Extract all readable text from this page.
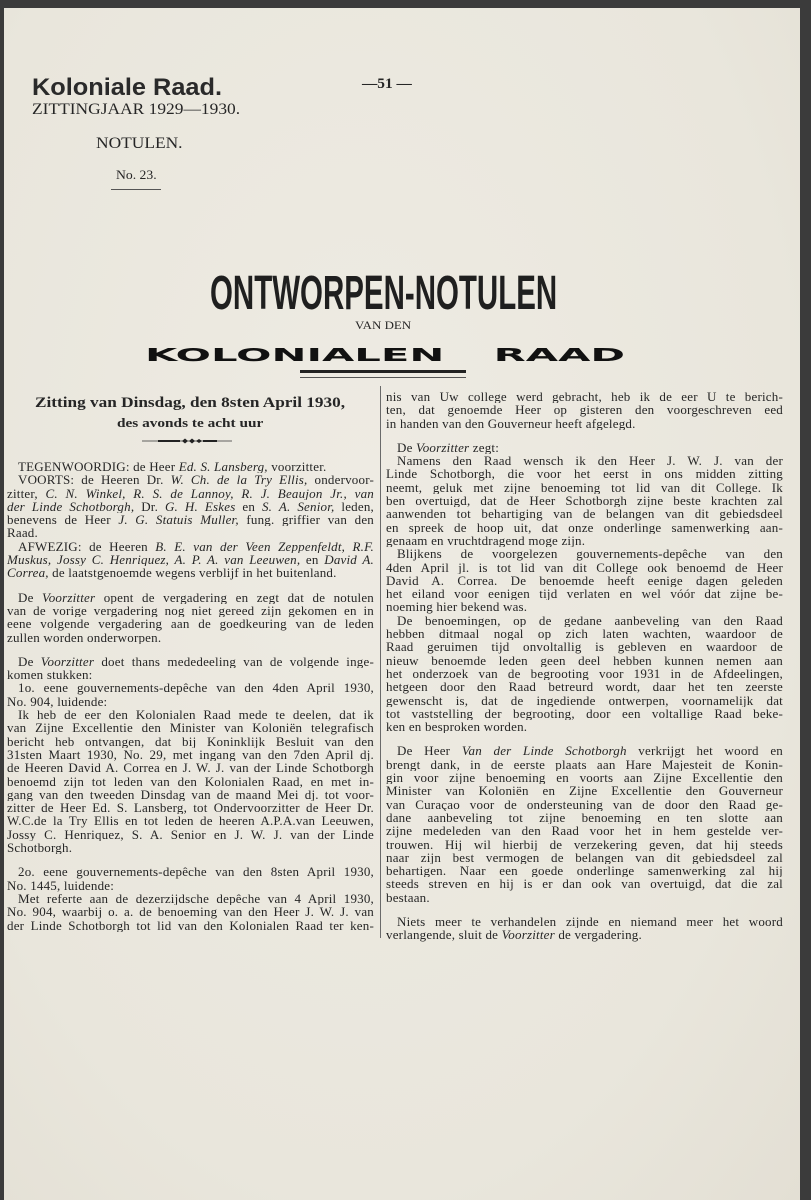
Koloniale Raad.
ZITTINGJAAR 1929—1930.
—51 —
NOTULEN.
No. 23.
ONTWORPEN-NOTULEN
VAN DEN
KOLONIALEN RAAD
Zitting van Dinsdag, den 8sten April 1930,
des avonds te acht uur
TEGENWOORDIG: de Heer Ed. S. Lansberg, voorzitter.
VOORTS: de Heeren Dr. W. Ch. de la Try Ellis, ondervoor-
zitter, C. N. Winkel, R. S. de Lannoy, R. J. Beaujon Jr., van
der Linde Schotborgh, Dr. G. H. Eskes en S. A. Senior, leden,
benevens de Heer J. G. Statuis Muller, fung. griffier van den
Raad.
AFWEZIG: de Heeren B. E. van der Veen Zeppenfeldt, R.F.
Muskus, Jossy C. Henriquez, A. P. A. van Leeuwen, en David A.
Correa, de laatstgenoemde wegens verblijf in het buitenland.
De Voorzitter opent de vergadering en zegt dat de notulen
van de vorige vergadering nog niet gereed zijn gekomen en in
eene volgende vergadering aan de goedkeuring van de leden
zullen worden onderworpen.
De Voorzitter doet thans mededeeling van de volgende inge-
komen stukken:
1o. eene gouvernements-depêche van den 4den April 1930,
No. 904, luidende:
Ik heb de eer den Kolonialen Raad mede te deelen, dat ik
van Zijne Excellentie den Minister van Koloniën telegrafisch
bericht heb ontvangen, dat bij Koninklijk Besluit van den
31sten Maart 1930, No. 29, met ingang van den 7den April dj.
de Heeren David A. Correa en J. W. J. van der Linde Schotborgh
benoemd zijn tot leden van den Kolonialen Raad, en met in-
gang van den tweeden Dinsdag van de maand Mei dj. tot voor-
zitter de Heer Ed. S. Lansberg, tot Ondervoorzitter de Heer Dr.
W.C.de la Try Ellis en tot leden de heeren A.P.A.van Leeuwen,
Jossy C. Henriquez, S. A. Senior en J. W. J. van der Linde
Schotborgh.
2o. eene gouvernements-depêche van den 8sten April 1930,
No. 1445, luidende:
Met referte aan de dezerzijdsche depêche van 4 April 1930,
No. 904, waarbij o. a. de benoeming van den Heer J. W. J. van
der Linde Schotborgh tot lid van den Kolonialen Raad ter ken-
nis van Uw college werd gebracht, heb ik de eer U te berich-
ten, dat genoemde Heer op gisteren den voorgeschreven eed
in handen van den Gouverneur heeft afgelegd.
De Voorzitter zegt:
Namens den Raad wensch ik den Heer J. W. J. van der
Linde Schotborgh, die voor het eerst in ons midden zitting
neemt, geluk met zijne benoeming tot lid van dit College. Ik
ben overtuigd, dat de Heer Schotborgh zijne beste krachten zal
aanwenden tot behartiging van de belangen van dit gebiedsdeel
en spreek de hoop uit, dat onze onderlinge samenwerking aan-
genaam en vruchtdragend moge zijn.
Blijkens de voorgelezen gouvernements-depêche van den
4den April jl. is tot lid van dit College ook benoemd de Heer
David A. Correa. De benoemde heeft eenige dagen geleden
het eiland voor eenigen tijd verlaten en wel vóór dat zijne be-
noeming hier bekend was.
De benoemingen, op de gedane aanbeveling van den Raad
hebben ditmaal nogal op zich laten wachten, waardoor de
Raad geruimen tijd onvoltallig is gebleven en waardoor de
nieuw benoemde leden geen deel hebben kunnen nemen aan
het onderzoek van de begrooting voor 1931 in de Afdeelingen,
hetgeen door den Raad betreurd wordt, daar het ten zeerste
gewenscht is, dat de ingediende ontwerpen, voornamelijk dat
tot vaststelling der begrooting, door een voltallige Raad beke-
ken en besproken worden.
De Heer Van der Linde Schotborgh verkrijgt het woord en
brengt dank, in de eerste plaats aan Hare Majesteit de Konin-
gin voor zijne benoeming en voorts aan Zijne Excellentie den
Minister van Koloniën en Zijne Excellentie den Gouverneur
van Curaçao voor de ondersteuning van de door den Raad ge-
dane aanbeveling tot zijne benoeming en ten slotte aan
zijne medeleden van den Raad voor het in hem gestelde ver-
trouwen. Hij wil hierbij de verzekering geven, dat hij steeds
naar zijn best vermogen de belangen van dit gebiedsdeel zal
behartigen. Naar een goede onderlinge samenwerking zal hij
steeds streven en hij is er dan ook van overtuigd, dat die zal
bestaan.
Niets meer te verhandelen zijnde en niemand meer het woord
verlangende, sluit de Voorzitter de vergadering.
